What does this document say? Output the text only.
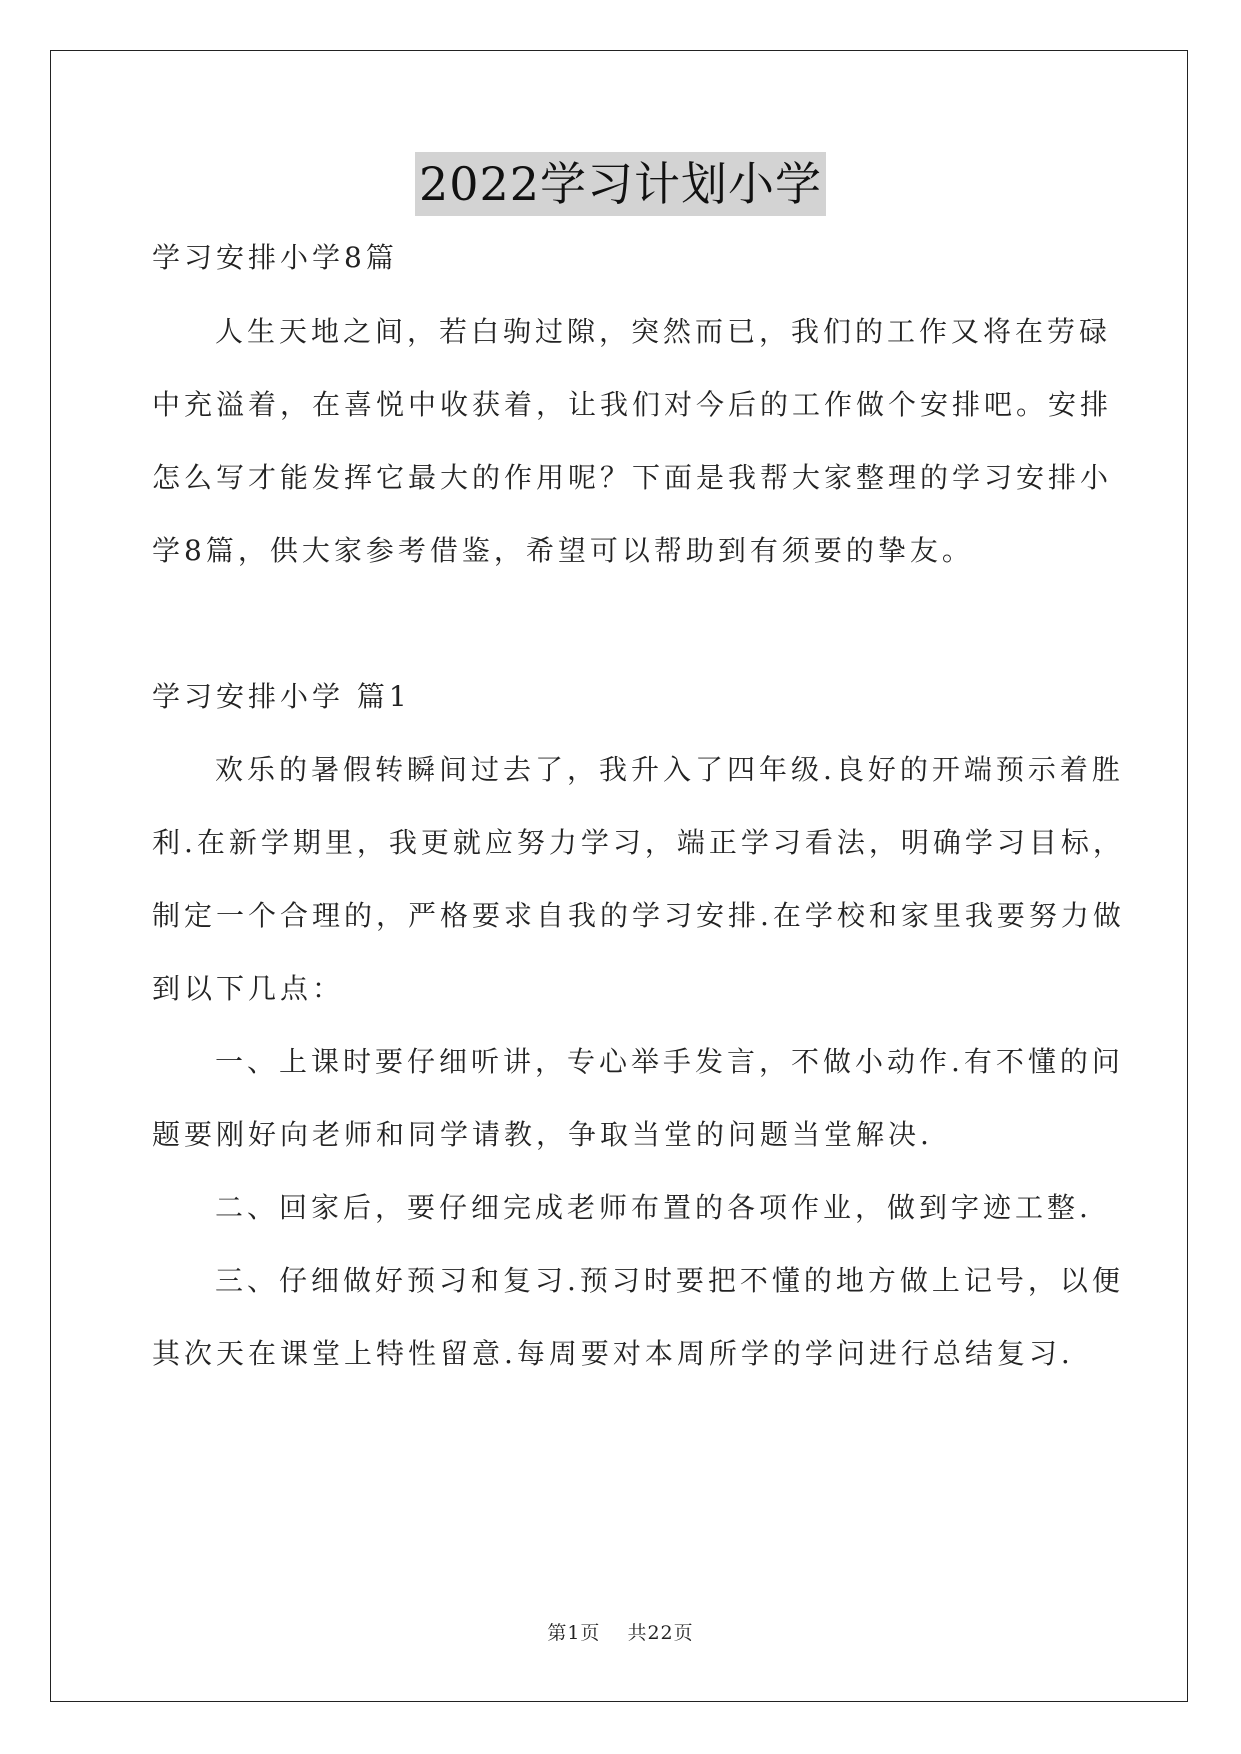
2022学习计划小学
学习安排小学8篇
人生天地之间，若白驹过隙，突然而已，我们的工作又将在劳碌
中充溢着，在喜悦中收获着，让我们对今后的工作做个安排吧。安排
怎么写才能发挥它最大的作用呢？下面是我帮大家整理的学习安排小
学8篇，供大家参考借鉴，希望可以帮助到有须要的挚友。
学习安排小学 篇1
欢乐的暑假转瞬间过去了，我升入了四年级.良好的开端预示着胜
利.在新学期里，我更就应努力学习，端正学习看法，明确学习目标，
制定一个合理的，严格要求自我的学习安排.在学校和家里我要努力做
到以下几点：
一、上课时要仔细听讲，专心举手发言，不做小动作.有不懂的问
题要刚好向老师和同学请教，争取当堂的问题当堂解决.
二、回家后，要仔细完成老师布置的各项作业，做到字迹工整.
三、仔细做好预习和复习.预习时要把不懂的地方做上记号，以便
其次天在课堂上特性留意.每周要对本周所学的学问进行总结复习.
第1页 共22页
